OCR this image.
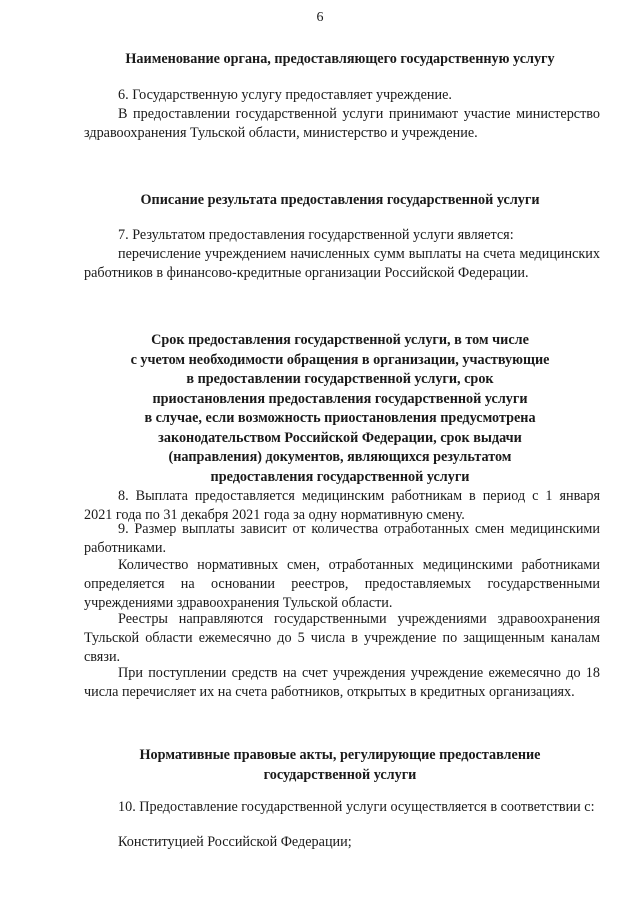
6
Наименование органа, предоставляющего государственную услугу

6. Государственную услугу предоставляет учреждение.

В предоставлении государственной услуги принимают участие министерство здравоохранения Тульской области, министерство и учреждение.

Описание результата предоставления государственной услуги

7. Результатом предоставления государственной услуги является:

перечисление учреждением начисленных сумм выплаты на счета медицинских работников в финансово-кредитные организации Российской Федерации.

Срок предоставления государственной услуги, в том числе
с учетом необходимости обращения в организации, участвующие
в предоставлении государственной услуги, срок
приостановления предоставления государственной услуги
в случае, если возможность приостановления предусмотрена
законодательством Российской Федерации, срок выдачи
(направления) документов, являющихся результатом
предоставления государственной услуги

8. Выплата предоставляется медицинским работникам в период с 1 января 2021 года по 31 декабря 2021 года за одну нормативную смену.

9. Размер выплаты зависит от количества отработанных смен медицинскими работниками.

Количество нормативных смен, отработанных медицинскими работниками определяется на основании реестров, предоставляемых государственными учреждениями здравоохранения Тульской области.

Реестры направляются государственными учреждениями здравоохранения Тульской области ежемесячно до 5 числа в учреждение по защищенным каналам связи.

При поступлении средств на счет учреждения учреждение ежемесячно до 18 числа перечисляет их на счета работников, открытых в кредитных организациях.

Нормативные правовые акты, регулирующие предоставление
государственной услуги

10. Предоставление государственной услуги осуществляется в соответствии с:

Конституцией Российской Федерации;
